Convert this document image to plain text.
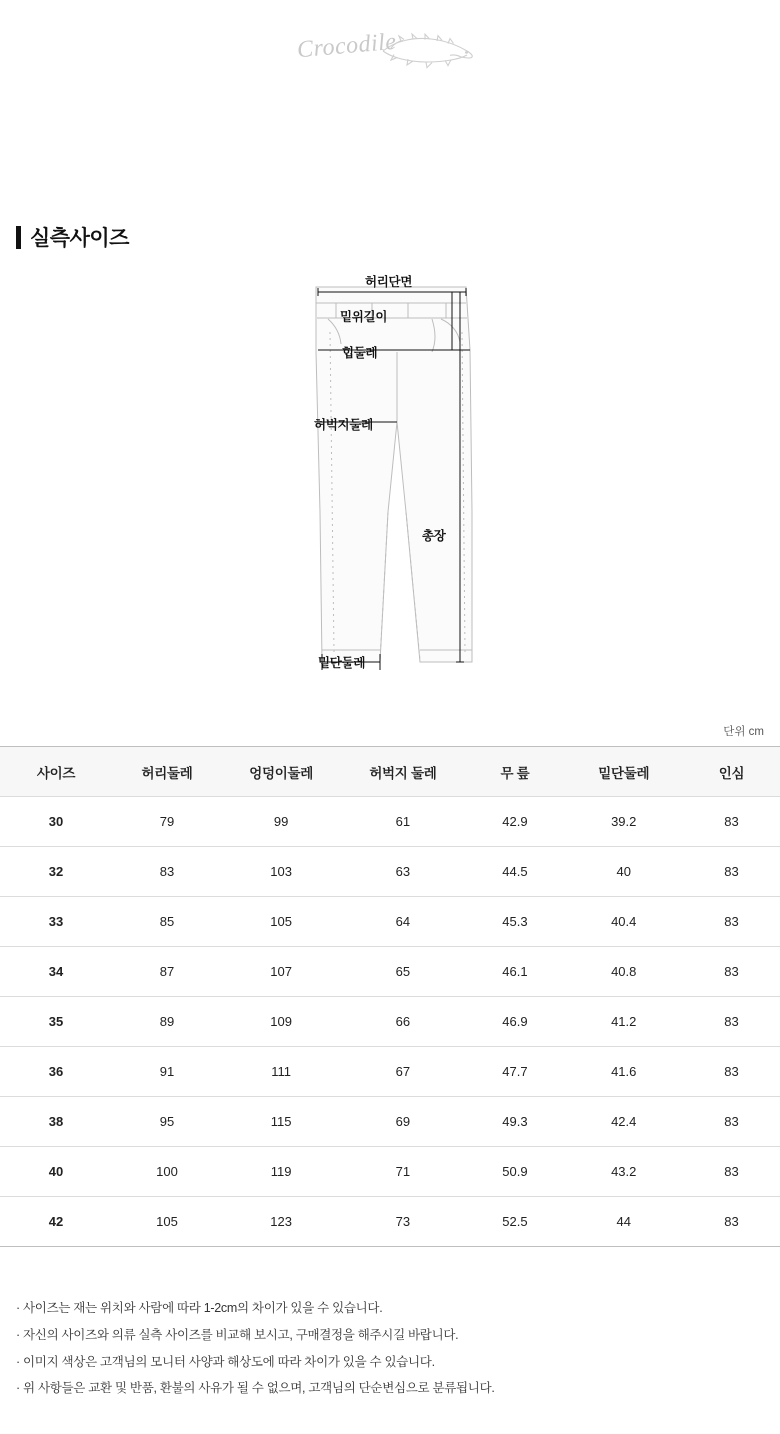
Crocodile
실측사이즈
허리단면
밑위길이
힙둘레
허벅지둘레
총장
밑단둘레
단위 cm
사이즈	허리둘레	엉덩이둘레	허벅지 둘레	무 릎	밑단둘레	인심
30	79	99	61	42.9	39.2	83
32	83	103	63	44.5	40	83
33	85	105	64	45.3	40.4	83
34	87	107	65	46.1	40.8	83
35	89	109	66	46.9	41.2	83
36	91	111	67	47.7	41.6	83
38	95	115	69	49.3	42.4	83
40	100	119	71	50.9	43.2	83
42	105	123	73	52.5	44	83
· 사이즈는 재는 위치와 사람에 따라 1-2cm의 차이가 있을 수 있습니다.
· 자신의 사이즈와 의류 실측 사이즈를 비교해 보시고, 구매결정을 해주시길 바랍니다.
· 이미지 색상은 고객님의 모니터 사양과 해상도에 따라 차이가 있을 수 있습니다.
· 위 사항들은 교환 및 반품, 환불의 사유가 될 수 없으며, 고객님의 단순변심으로 분류됩니다.
